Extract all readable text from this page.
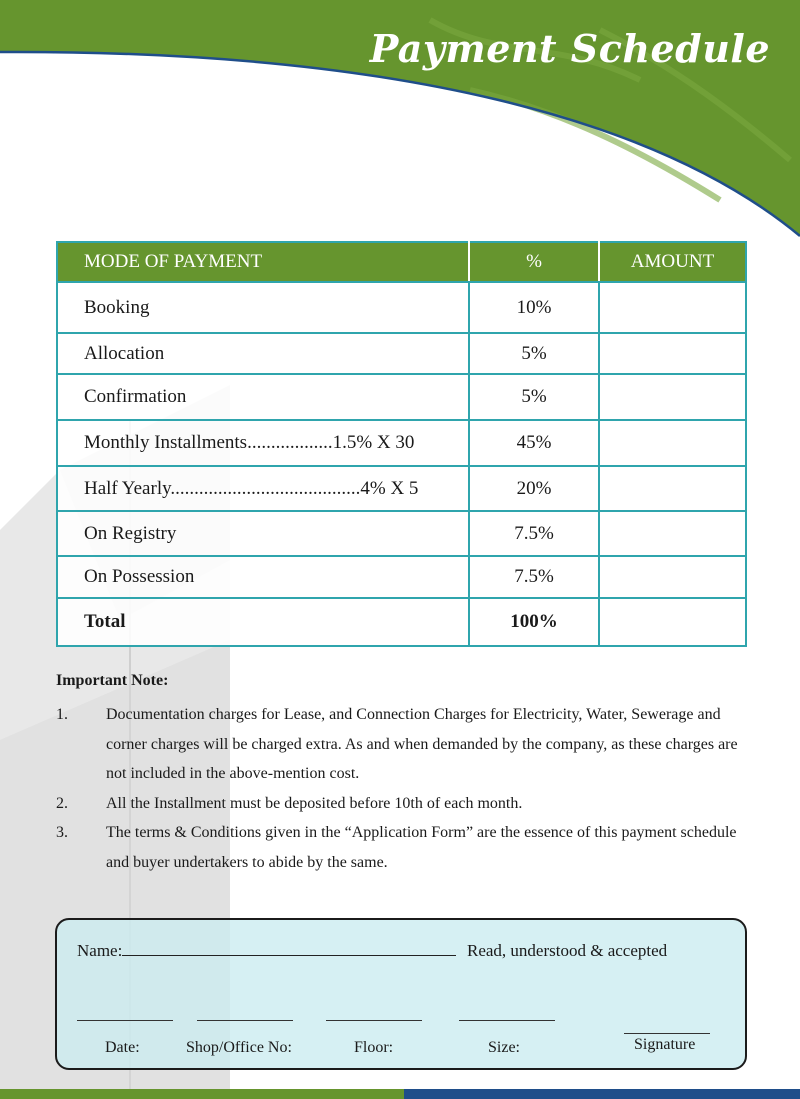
Payment Schedule
MODE OF PAYMENT	%	AMOUNT
Booking	10%	
Allocation	5%	
Confirmation	5%	
Monthly Installments..................1.5% X 30	45%	
Half Yearly........................................4% X 5	20%	
On Registry	7.5%	
On Possession	7.5%	
Total	100%	

Important Note:

1.	Documentation charges for Lease, and Connection Charges for Electricity, Water, Sewerage and corner charges will be charged extra. As and when demanded by the company, as these charges are not included in the above-mention cost.
2.	All the Installment must be deposited before 10th of each month.
3.	The terms & Conditions given in the “Application Form” are the essence of this payment schedule and buyer undertakers to abide by the same.
Name:	Read, understood & accepted
Date:	Shop/Office No:	Floor:	Size:	Signature
